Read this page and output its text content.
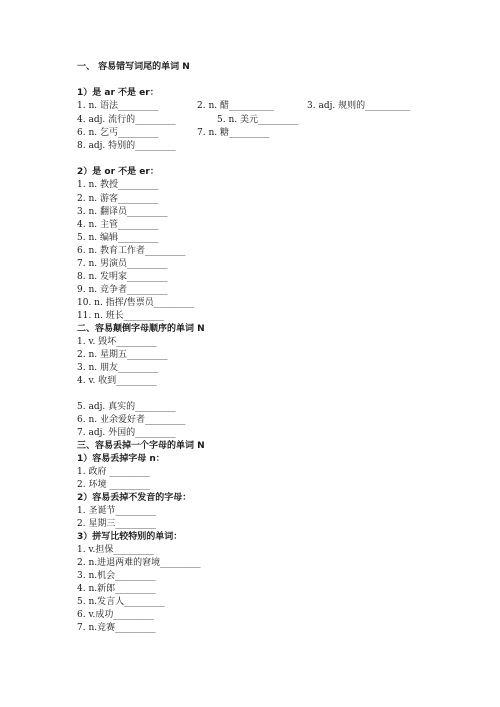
一、 容易错写词尾的单词 N
1）是 ar 不是 er：
1. n. 语法_________	2. n. 醋__________	3. adj. 规则的__________
4. adj. 流行的_________	5. n. 美元_________
6. n. 乞丐_________	7. n. 糖_________
8. adj. 特别的_________
2）是 or 不是 er：
1. n. 教授_________
2. n. 游客_________
3. n. 翻译员_________
4. n. 主管_________
5. n. 编辑_________
6. n. 教育工作者_________
7. n. 男演员_________
8. n. 发明家_________
9. n. 竞争者_________
10. n. 指挥/售票员_________
11. n. 班长_________
二、容易颠倒字母顺序的单词 N
1. v. 毁坏_________
2. n. 星期五_________
3. n. 朋友_________
4. v. 收到_________
5. adj. 真实的_________
6. n. 业余爱好者_________
7. adj. 外国的_________
三、容易丢掉一个字母的单词 N
1）容易丢掉字母 n：
1. 政府 _________
2. 环境 _________
2）容易丢掉不发音的字母：
1. 圣诞节_________
2. 星期三_________
3）拼写比较特别的单词：
1. v.担保_________
2. n.进退两难的窘境_________
3. n.机会_________
4. n.新郎_________
5. n.发言人_________
6. v.成功_________
7. n.竞赛_________
